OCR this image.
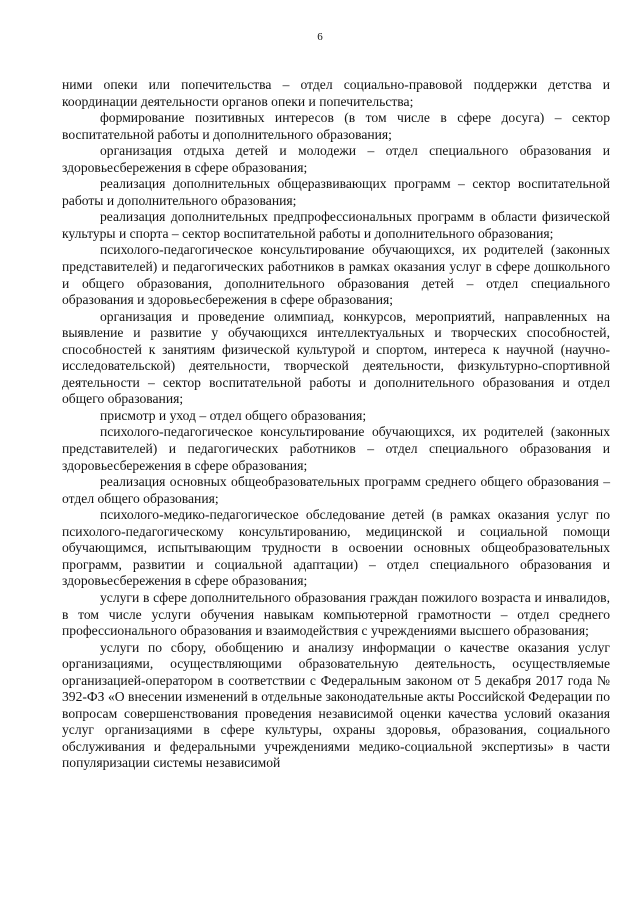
6

ними опеки или попечительства – отдел социально-правовой поддержки детства и координации деятельности органов опеки и попечительства;

формирование позитивных интересов (в том числе в сфере досуга) – сектор воспитательной работы и дополнительного образования;

организация отдыха детей и молодежи – отдел специального образования и здоровьесбережения в сфере образования;

реализация дополнительных общеразвивающих программ – сектор воспитательной работы и дополнительного образования;

реализация дополнительных предпрофессиональных программ в области физической культуры и спорта – сектор воспитательной работы и дополнительного образования;

психолого-педагогическое консультирование обучающихся, их родителей (законных представителей) и педагогических работников в рамках оказания услуг в сфере дошкольного и общего образования, дополнительного образования детей – отдел специального образования и здоровьесбережения в сфере образования;

организация и проведение олимпиад, конкурсов, мероприятий, направленных на выявление и развитие у обучающихся интеллектуальных и творческих способностей, способностей к занятиям физической культурой и спортом, интереса к научной (научно-исследовательской) деятельности, творческой деятельности, физкультурно-спортивной деятельности – сектор воспитательной работы и дополнительного образования и отдел общего образования;

присмотр и уход – отдел общего образования;

психолого-педагогическое консультирование обучающихся, их родителей (законных представителей) и педагогических работников – отдел специального образования и здоровьесбережения в сфере образования;

реализация основных общеобразовательных программ среднего общего образования – отдел общего образования;

психолого-медико-педагогическое обследование детей (в рамках оказания услуг по психолого-педагогическому консультированию, медицинской и социальной помощи обучающимся, испытывающим трудности в освоении основных общеобразовательных программ, развитии и социальной адаптации) – отдел специального образования и здоровьесбережения в сфере образования;

услуги в сфере дополнительного образования граждан пожилого возраста и инвалидов, в том числе услуги обучения навыкам компьютерной грамотности – отдел среднего профессионального образования и взаимодействия с учреждениями высшего образования;

услуги по сбору, обобщению и анализу информации о качестве оказания услуг организациями, осуществляющими образовательную деятельность, осуществляемые организацией-оператором в соответствии с Федеральным законом от 5 декабря 2017 года № 392-ФЗ «О внесении изменений в отдельные законодательные акты Российской Федерации по вопросам совершенствования проведения независимой оценки качества условий оказания услуг организациями в сфере культуры, охраны здоровья, образования, социального обслуживания и федеральными учреждениями медико-социальной экспертизы» в части популяризации системы независимой
